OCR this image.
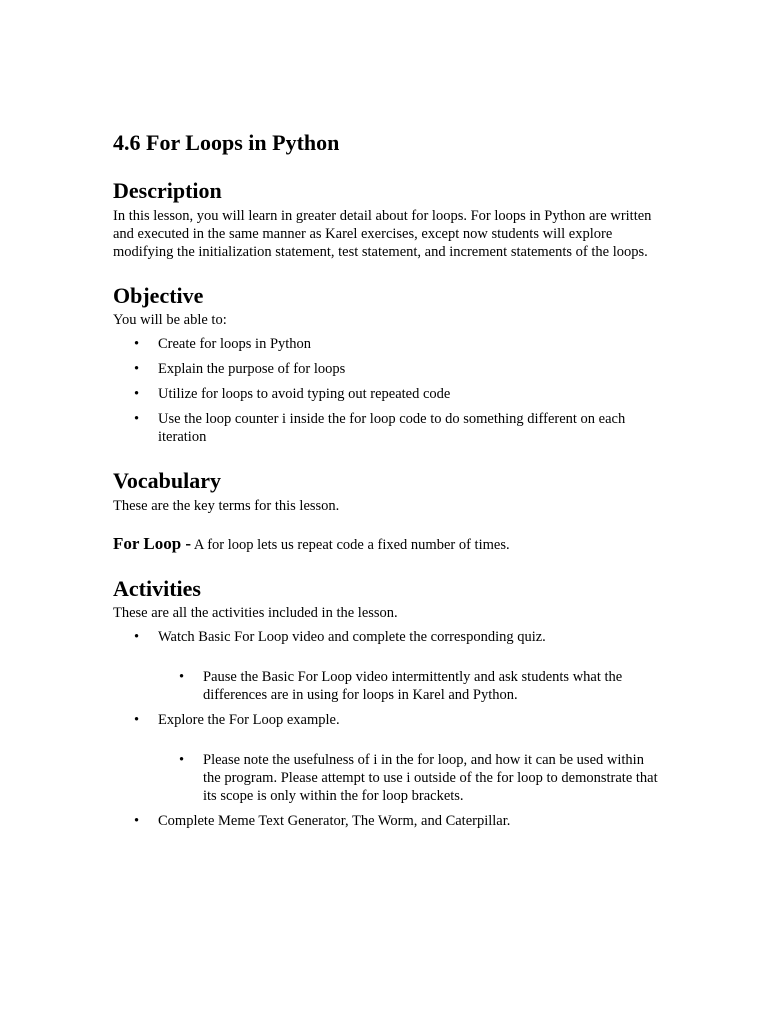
4.6 For Loops in Python
Description

In this lesson, you will learn in greater detail about for loops. For loops in Python are written and executed in the same manner as Karel exercises, except now students will explore modifying the initialization statement, test statement, and increment statements of the loops.

Objective

You will be able to:

• Create for loops in Python
• Explain the purpose of for loops
• Utilize for loops to avoid typing out repeated code
• Use the loop counter i inside the for loop code to do something different on each iteration
Vocabulary

These are the key terms for this lesson.

For Loop - A for loop lets us repeat code a fixed number of times.
Activities

These are all the activities included in the lesson.

• Watch Basic For Loop video and complete the corresponding quiz.
• Pause the Basic For Loop video intermittently and ask students what the differences are in using for loops in Karel and Python.
• Explore the For Loop example.
• Please note the usefulness of i in the for loop, and how it can be used within the program. Please attempt to use i outside of the for loop to demonstrate that its scope is only within the for loop brackets.
• Complete Meme Text Generator, The Worm, and Caterpillar.
